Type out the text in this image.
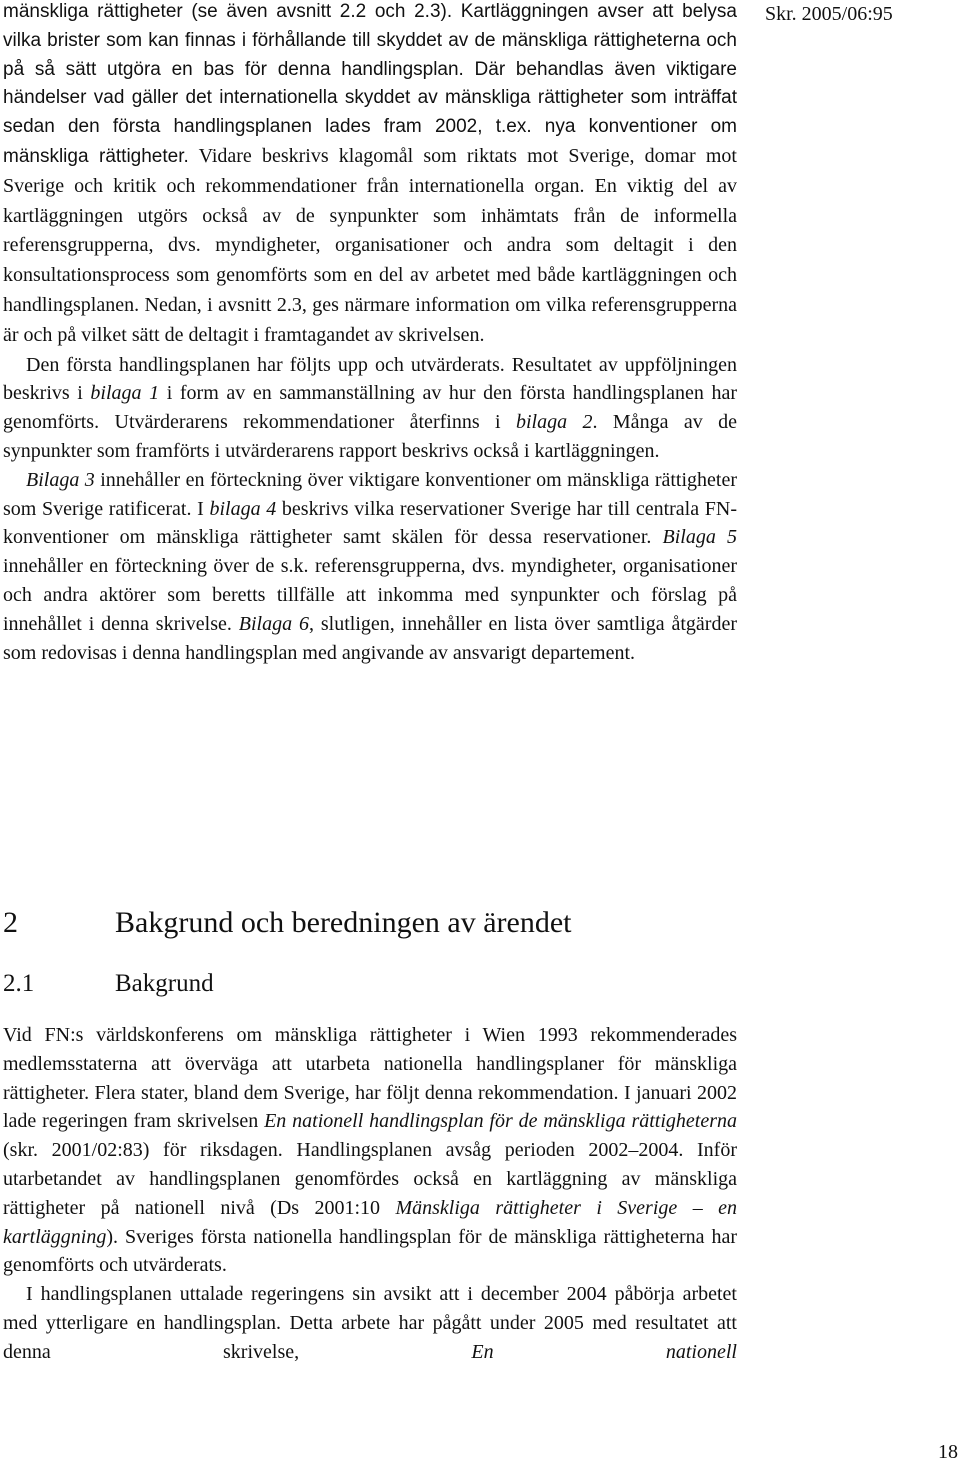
Skr. 2005/06:95

mänskliga rättigheter (se även avsnitt 2.2 och 2.3). Kartläggningen avser att belysa vilka brister som kan finnas i förhållande till skyddet av de mänskliga rättigheterna och på så sätt utgöra en bas för denna handlingsplan. Där behandlas även viktigare händelser vad gäller det internationella skyddet av mänskliga rättigheter som inträffat sedan den första handlingsplanen lades fram 2002, t.ex. nya konventioner om mänskliga rättigheter. Vidare beskrivs klagomål som riktats mot Sverige, domar mot Sverige och kritik och rekommendationer från internationella organ. En viktig del av kartläggningen utgörs också av de synpunkter som inhämtats från de informella referensgrupperna, dvs. myndigheter, organisationer och andra som deltagit i den konsultationsprocess som genomförts som en del av arbetet med både kartläggningen och handlingsplanen. Nedan, i avsnitt 2.3, ges närmare information om vilka referensgrupperna är och på vilket sätt de deltagit i framtagandet av skrivelsen.

Den första handlingsplanen har följts upp och utvärderats. Resultatet av uppföljningen beskrivs i bilaga 1 i form av en sammanställning av hur den första handlingsplanen har genomförts. Utvärderarens rekommendationer återfinns i bilaga 2. Många av de synpunkter som framförts i utvärderarens rapport beskrivs också i kartläggningen.

Bilaga 3 innehåller en förteckning över viktigare konventioner om mänskliga rättigheter som Sverige ratificerat. I bilaga 4 beskrivs vilka reservationer Sverige har till centrala FN- konventioner om mänskliga rättigheter samt skälen för dessa reservationer. Bilaga 5 innehåller en förteckning över de s.k. referensgrupperna, dvs. myndigheter, organisationer och andra aktörer som beretts tillfälle att inkomma med synpunkter och förslag på innehållet i denna skrivelse. Bilaga 6, slutligen, innehåller en lista över samtliga åtgärder som redovisas i denna handlingsplan med angivande av ansvarigt departement.

2	Bakgrund och beredningen av ärendet
2.1	Bakgrund

Vid FN:s världskonferens om mänskliga rättigheter i Wien 1993 rekommenderades medlemsstaterna att överväga att utarbeta nationella handlingsplaner för mänskliga rättigheter. Flera stater, bland dem Sverige, har följt denna rekommendation. I januari 2002 lade regeringen fram skrivelsen En nationell handlingsplan för de mänskliga rättigheterna (skr. 2001/02:83) för riksdagen. Handlingsplanen avsåg perioden 2002–2004. Inför utarbetandet av handlingsplanen genomfördes också en kartläggning av mänskliga rättigheter på nationell nivå (Ds 2001:10 Mänskliga rättigheter i Sverige – en kartläggning). Sveriges första nationella handlingsplan för de mänskliga rättigheterna har genomförts och utvärderats.

I handlingsplanen uttalade regeringens sin avsikt att i december 2004 påbörja arbetet med ytterligare en handlingsplan. Detta arbete har pågått under 2005 med resultatet att denna skrivelse, En nationell

18
